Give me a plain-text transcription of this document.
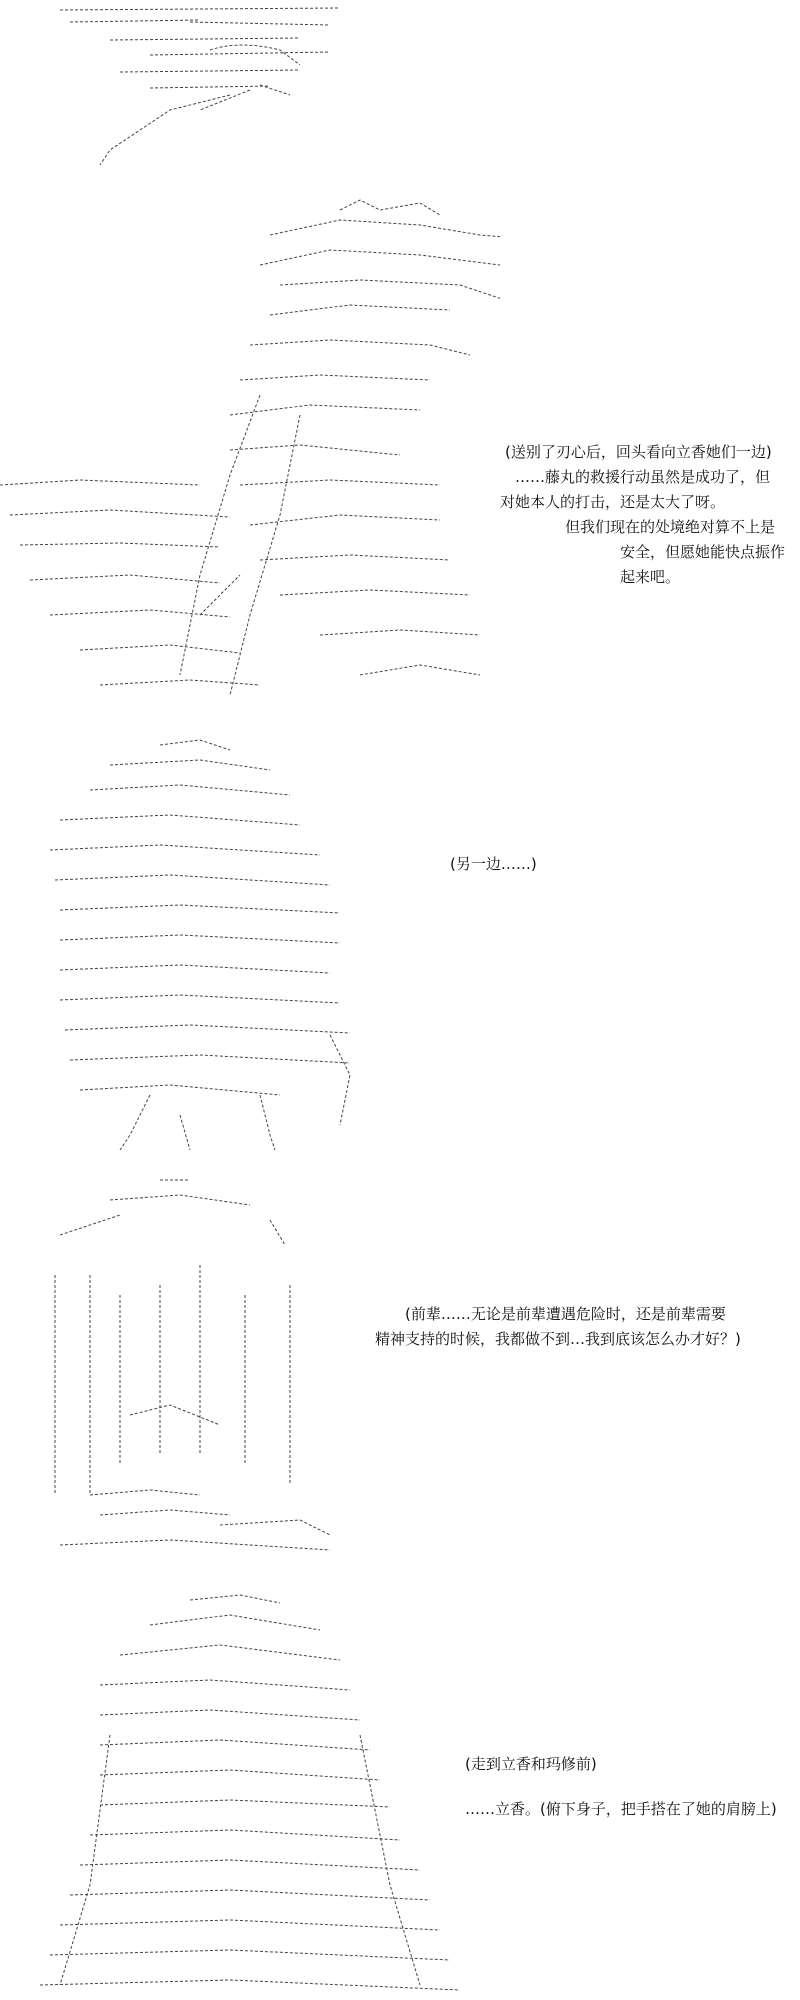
(送别了刃心后，回头看向立香她们一边)

……藤丸的救援行动虽然是成功了，但

对她本人的打击，还是太大了呀。

但我们现在的处境绝对算不上是

安全，但愿她能快点振作

起来吧。

(另一边……)

(前辈……无论是前辈遭遇危险时，还是前辈需要

精神支持的时候，我都做不到…我到底该怎么办才好？)

(走到立香和玛修前)

……立香。(俯下身子，把手搭在了她的肩膀上)
